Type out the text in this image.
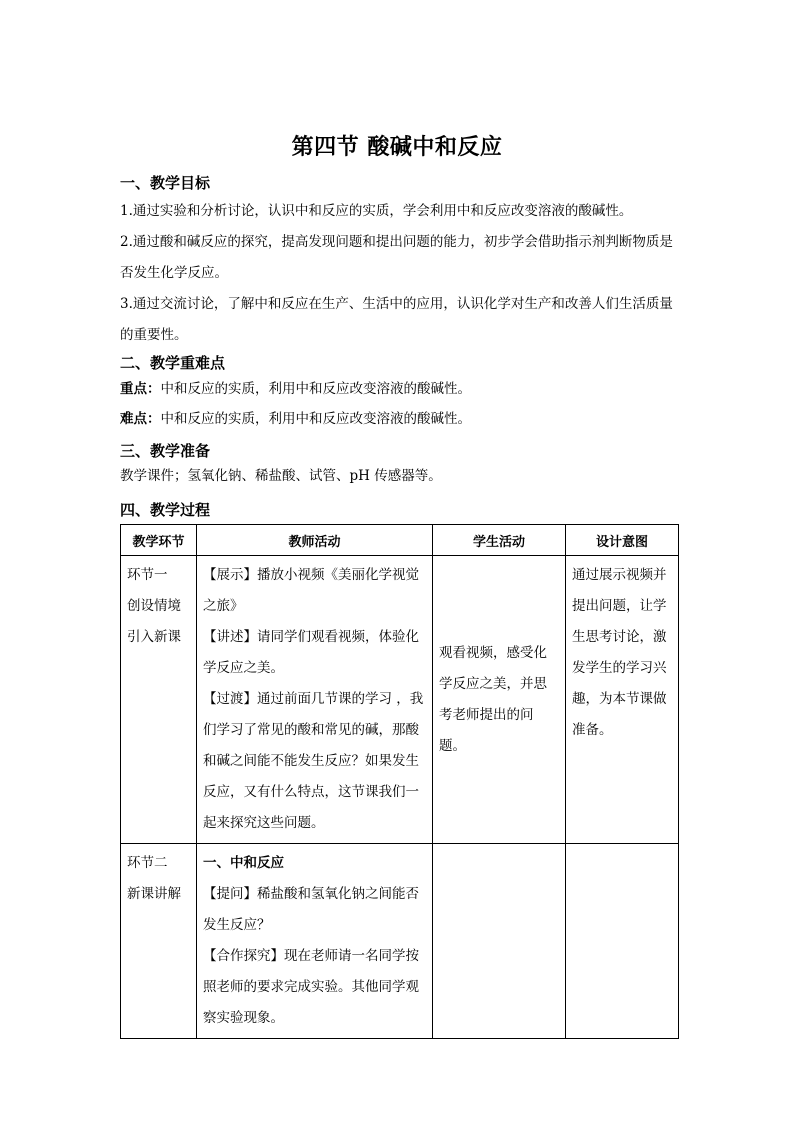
第四节 酸碱中和反应
一、教学目标
1.通过实验和分析讨论，认识中和反应的实质，学会利用中和反应改变溶液的酸碱性。
2.通过酸和碱反应的探究，提高发现问题和提出问题的能力，初步学会借助指示剂判断物质是否发生化学反应。
3.通过交流讨论，了解中和反应在生产、生活中的应用，认识化学对生产和改善人们生活质量的重要性。
二、教学重难点
重点：中和反应的实质，利用中和反应改变溶液的酸碱性。
难点：中和反应的实质，利用中和反应改变溶液的酸碱性。
三、教学准备
教学课件；氢氧化钠、稀盐酸、试管、pH 传感器等。
四、教学过程
教学环节	教师活动	学生活动	设计意图

环节一
创设情境
引入新课	【展示】播放小视频《美丽化学视觉之旅》
【讲述】请同学们观看视频，体验化学反应之美。
【过渡】通过前面几节课的学习 ，我们学习了常见的酸和常见的碱，那酸和碱之间能不能发生反应？如果发生反应，又有什么特点，这节课我们一起来探究这些问题。	观看视频，感受化学反应之美，并思考老师提出的问题。	通过展示视频并提出问题，让学生思考讨论，激发学生的学习兴趣，为本节课做准备。

环节二
新课讲解	一、中和反应
【提问】稀盐酸和氢氧化钠之间能否发生反应？
【合作探究】现在老师请一名同学按照老师的要求完成实验。其他同学观察实验现象。		
